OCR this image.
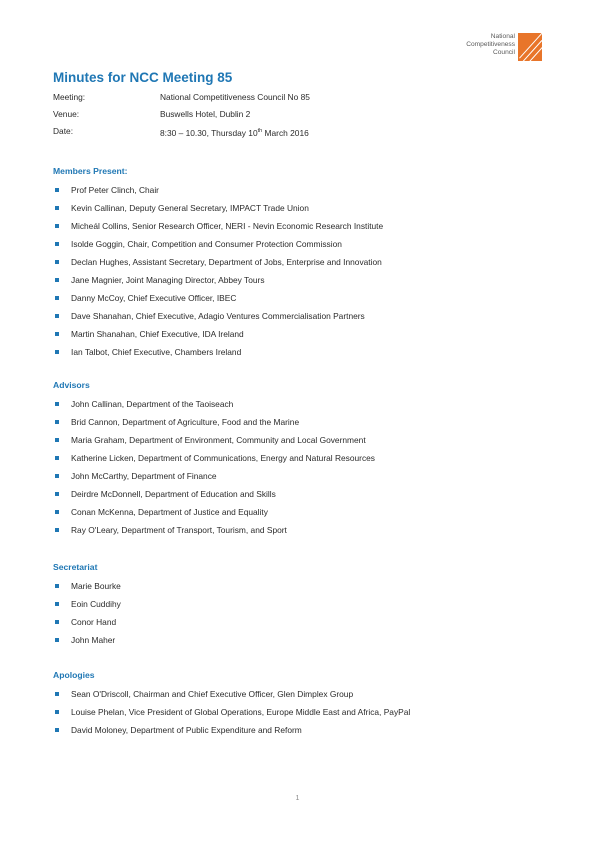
National
Competitiveness
Council
Minutes for NCC Meeting 85
Meeting:	National Competitiveness Council No 85
Venue:	Buswells Hotel, Dublin 2
Date:	8:30 – 10.30, Thursday 10th March 2016
Members Present:
Prof Peter Clinch, Chair
Kevin Callinan, Deputy General Secretary, IMPACT Trade Union
Micheál Collins, Senior Research Officer, NERI - Nevin Economic Research Institute
Isolde Goggin, Chair, Competition and Consumer Protection Commission
Declan Hughes, Assistant Secretary, Department of Jobs, Enterprise and Innovation
Jane Magnier, Joint Managing Director, Abbey Tours
Danny McCoy, Chief Executive Officer, IBEC
Dave Shanahan, Chief Executive, Adagio Ventures Commercialisation Partners
Martin Shanahan, Chief Executive, IDA Ireland
Ian Talbot, Chief Executive, Chambers Ireland
Advisors
John Callinan, Department of the Taoiseach
Brid Cannon, Department of Agriculture, Food and the Marine
Maria Graham, Department of Environment, Community and Local Government
Katherine Licken, Department of Communications, Energy and Natural Resources
John McCarthy, Department of Finance
Deirdre McDonnell, Department of Education and Skills
Conan McKenna, Department of Justice and Equality
Ray O'Leary, Department of Transport, Tourism, and Sport
Secretariat
Marie Bourke
Eoin Cuddihy
Conor Hand
John Maher
Apologies
Sean O'Driscoll, Chairman and Chief Executive Officer, Glen Dimplex Group
Louise Phelan, Vice President of Global Operations, Europe Middle East and Africa, PayPal
David Moloney, Department of Public Expenditure and Reform
1
